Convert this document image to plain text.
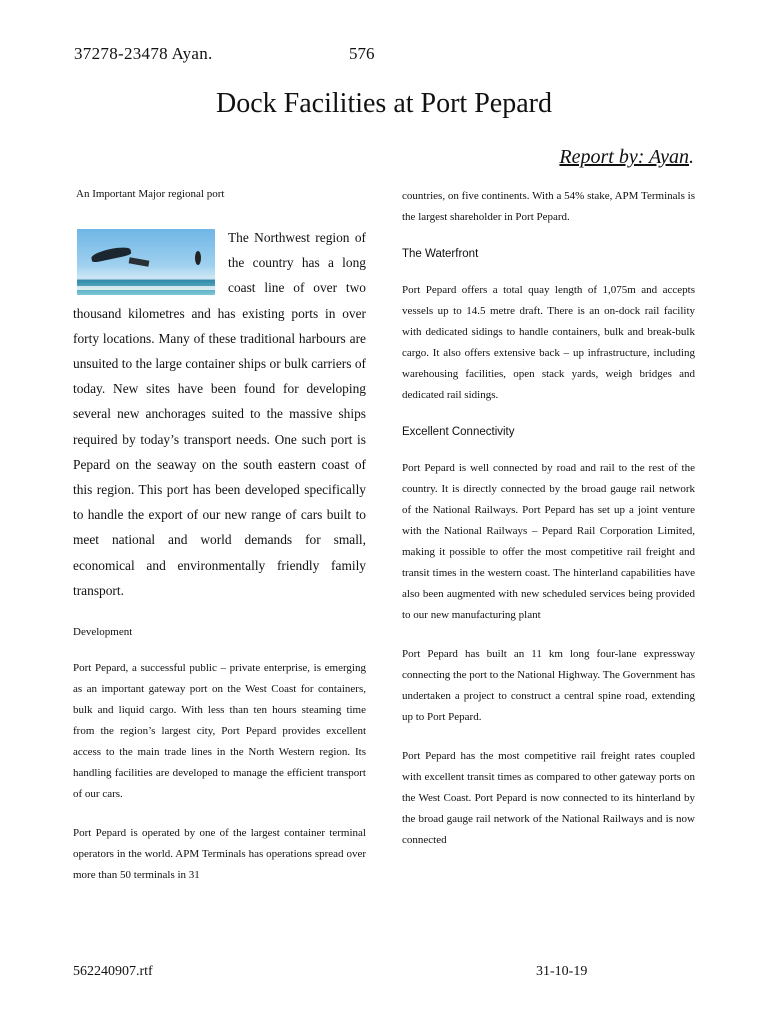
37278-23478 Ayan.	576
Dock Facilities at Port Pepard
Report by: Ayan.
An Important Major regional port

The Northwest region of the country has a long coast line of over two thousand kilometres and has existing ports in over forty locations. Many of these traditional harbours are unsuited to the large container ships or bulk carriers of today. New sites have been found for developing several new anchorages suited to the massive ships required by today’s transport needs. One such port is Pepard on the seaway on the south eastern coast of this region. This port has been developed specifically to handle the export of our new range of cars built to meet national and world demands for small, economical and environmentally friendly family transport.

Development

Port Pepard, a successful public – private enterprise, is emerging as an important gateway port on the West Coast for containers, bulk and liquid cargo. With less than ten hours steaming time from the region’s largest city, Port Pepard provides excellent access to the main trade lines in the North Western region. Its handling facilities are developed to manage the efficient transport of our cars.

Port Pepard is operated by one of the largest container terminal operators in the world. APM Terminals has operations spread over more than 50 terminals in 31

countries, on five continents. With a 54% stake, APM Terminals is the largest shareholder in Port Pepard.

The Waterfront

Port Pepard offers a total quay length of 1,075m and accepts vessels up to 14.5 metre draft. There is an on-dock rail facility with dedicated sidings to handle containers, bulk and break-bulk cargo. It also offers extensive back – up infrastructure, including warehousing facilities, open stack yards, weigh bridges and dedicated rail sidings.

Excellent Connectivity

Port Pepard is well connected by road and rail to the rest of the country. It is directly connected by the broad gauge rail network of the National Railways. Port Pepard has set up a joint venture with the National Railways – Pepard Rail Corporation Limited, making it possible to offer the most competitive rail freight and transit times in the western coast. The hinterland capabilities have also been augmented with new scheduled services being provided to our new manufacturing plant

Port Pepard has built an 11 km long four-lane expressway connecting the port to the National Highway. The Government has undertaken a project to construct a central spine road, extending up to Port Pepard.

Port Pepard has the most competitive rail freight rates coupled with excellent transit times as compared to other gateway ports on the West Coast. Port Pepard is now connected to its hinterland by the broad gauge rail network of the National Railways and is now connected

562240907.rtf	31-10-19
